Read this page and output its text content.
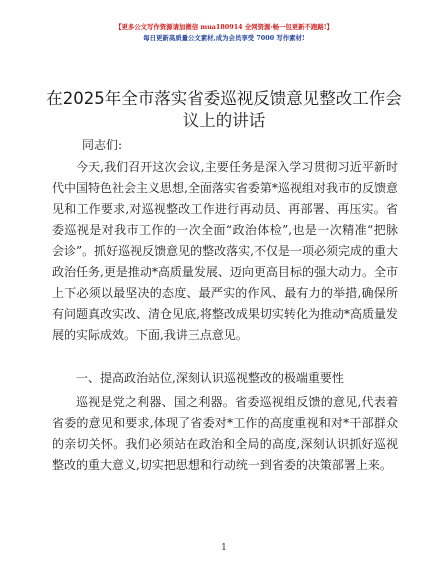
【更多公文写作资源请加微信 mua180914 全网资源·畅一包更新不跑路!】
每日更新高质量公文素材,成为会员享受 7000 写作素材!
在2025年全市落实省委巡视反馈意见整改工作会议上的讲话
同志们:

今天,我们召开这次会议,主要任务是深入学习贯彻习近平新时代中国特色社会主义思想,全面落实省委第*巡视组对我市的反馈意见和工作要求,对巡视整改工作进行再动员、再部署、再压实。省委巡视是对我市工作的一次全面“政治体检”,也是一次精准“把脉会诊”。抓好巡视反馈意见的整改落实,不仅是一项必须完成的重大政治任务,更是推动*高质量发展、迈向更高目标的强大动力。全市上下必须以最坚决的态度、最严实的作风、最有力的举措,确保所有问题真改实改、清仓见底,将整改成果切实转化为推动*高质量发展的实际成效。下面,我讲三点意见。

一、提高政治站位,深刻认识巡视整改的极端重要性

巡视是党之利器、国之利器。省委巡视组反馈的意见,代表着省委的意见和要求,体现了省委对*工作的高度重视和对*干部群众的亲切关怀。我们必须站在政治和全局的高度,深刻认识抓好巡视整改的重大意义,切实把思想和行动统一到省委的决策部署上来。

1
